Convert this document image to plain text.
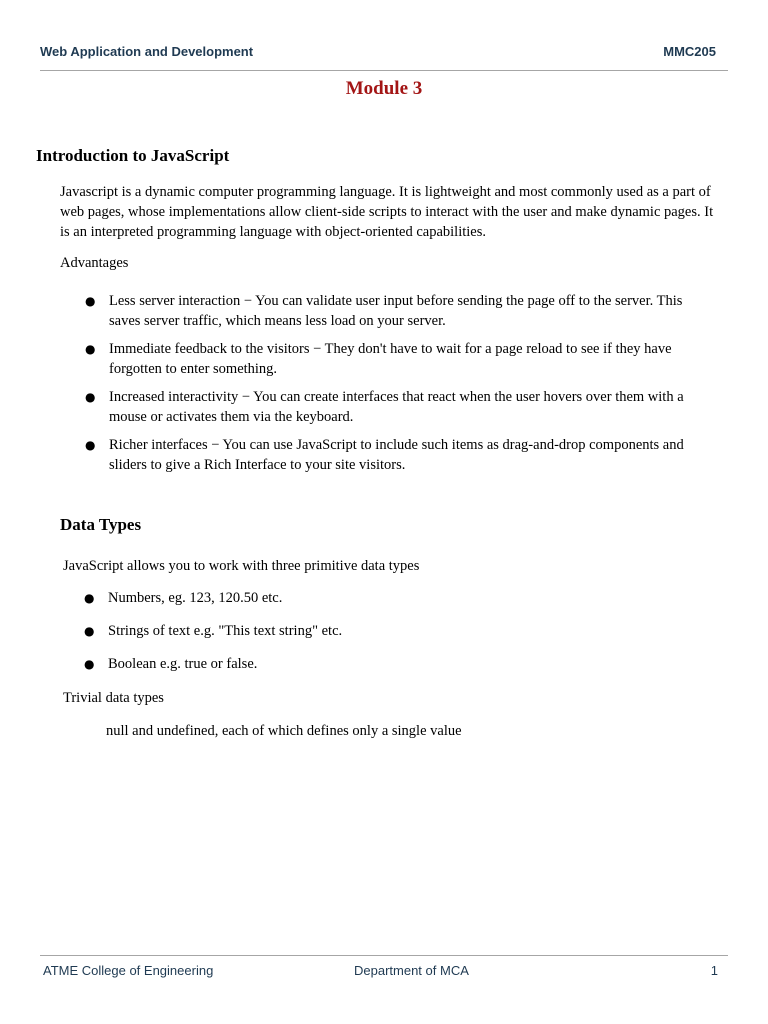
Web Application and Development	MMC205
Module 3
Introduction to JavaScript

Javascript is a dynamic computer programming language. It is lightweight and most commonly used as a part of web pages, whose implementations allow client-side scripts to interact with the user and make dynamic pages. It is an interpreted programming language with object-oriented capabilities.

Advantages

● Less server interaction − You can validate user input before sending the page off to the server. This saves server traffic, which means less load on your server.
● Immediate feedback to the visitors − They don't have to wait for a page reload to see if they have forgotten to enter something.
● Increased interactivity − You can create interfaces that react when the user hovers over them with a mouse or activates them via the keyboard.
● Richer interfaces − You can use JavaScript to include such items as drag-and-drop components and sliders to give a Rich Interface to your site visitors.
Data Types

JavaScript allows you to work with three primitive data types

● Numbers, eg. 123, 120.50 etc.
● Strings of text e.g. "This text string" etc.
● Boolean e.g. true or false.

Trivial data types

null and undefined, each of which defines only a single value

ATME College of Engineering	Department of MCA	1
